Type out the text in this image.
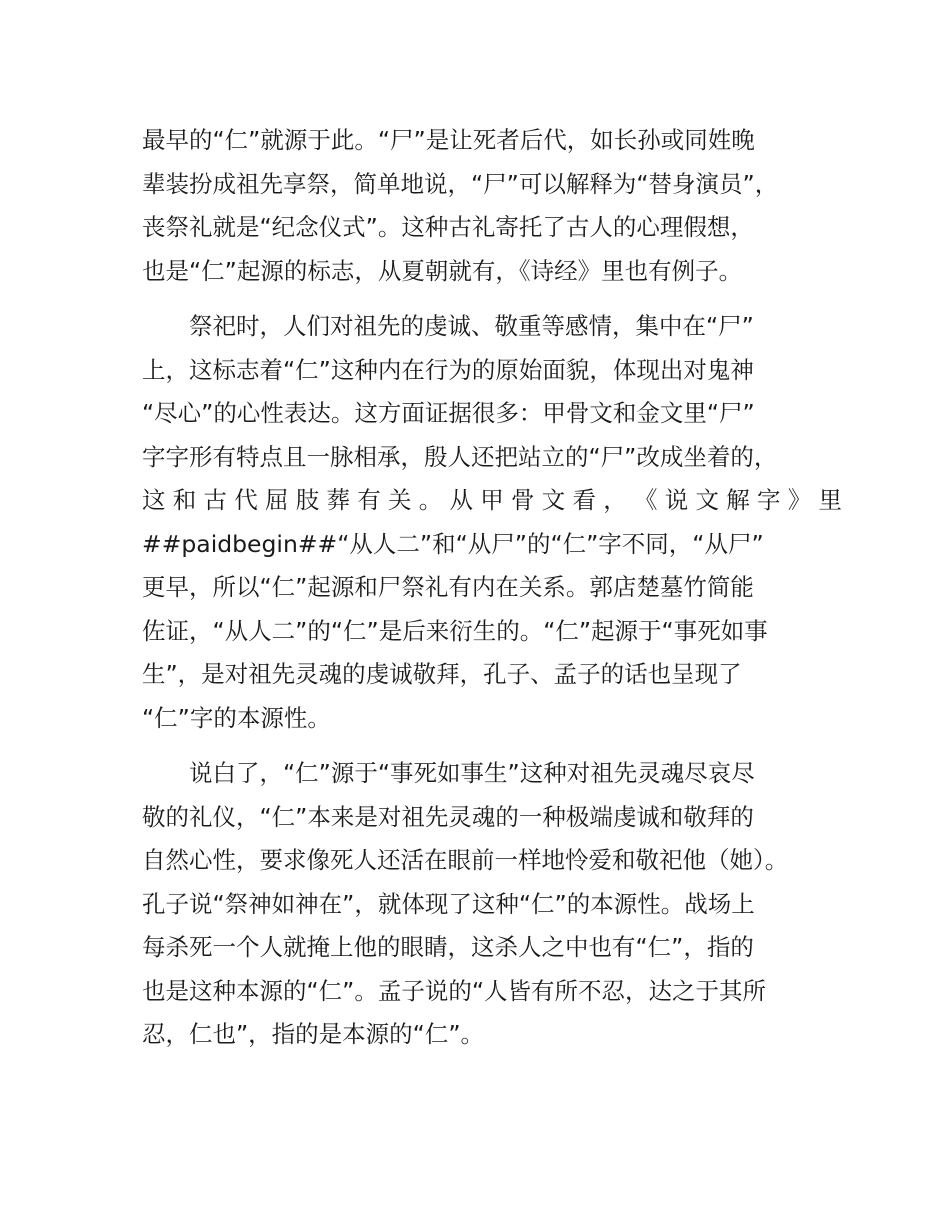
最早的“仁”就源于此。“尸”是让死者后代，如长孙或同姓晚
辈装扮成祖先享祭，简单地说，“尸”可以解释为“替身演员”，
丧祭礼就是“纪念仪式”。这种古礼寄托了古人的心理假想，
也是“仁”起源的标志，从夏朝就有，《诗经》里也有例子。
祭祀时，人们对祖先的虔诚、敬重等感情，集中在“尸”
上，这标志着“仁”这种内在行为的原始面貌，体现出对鬼神
“尽心”的心性表达。这方面证据很多：甲骨文和金文里“尸”
字字形有特点且一脉相承，殷人还把站立的“尸”改成坐着的，
这 和 古 代 屈 肢 葬 有 关 。 从 甲 骨 文 看 ， 《 说 文 解 字 》 里
##paidbegin##“从人二”和“从尸”的“仁”字不同，“从尸”
更早，所以“仁”起源和尸祭礼有内在关系。郭店楚墓竹简能
佐证，“从人二”的“仁”是后来衍生的。“仁”起源于“事死如事
生”，是对祖先灵魂的虔诚敬拜，孔子、孟子的话也呈现了
“仁”字的本源性。
说白了，“仁”源于“事死如事生”这种对祖先灵魂尽哀尽
敬的礼仪，“仁”本来是对祖先灵魂的一种极端虔诚和敬拜的
自然心性，要求像死人还活在眼前一样地怜爱和敬祀他（她）。
孔子说“祭神如神在”，就体现了这种“仁”的本源性。战场上
每杀死一个人就掩上他的眼睛，这杀人之中也有“仁”，指的
也是这种本源的“仁”。孟子说的“人皆有所不忍，达之于其所
忍，仁也”，指的是本源的“仁”。
